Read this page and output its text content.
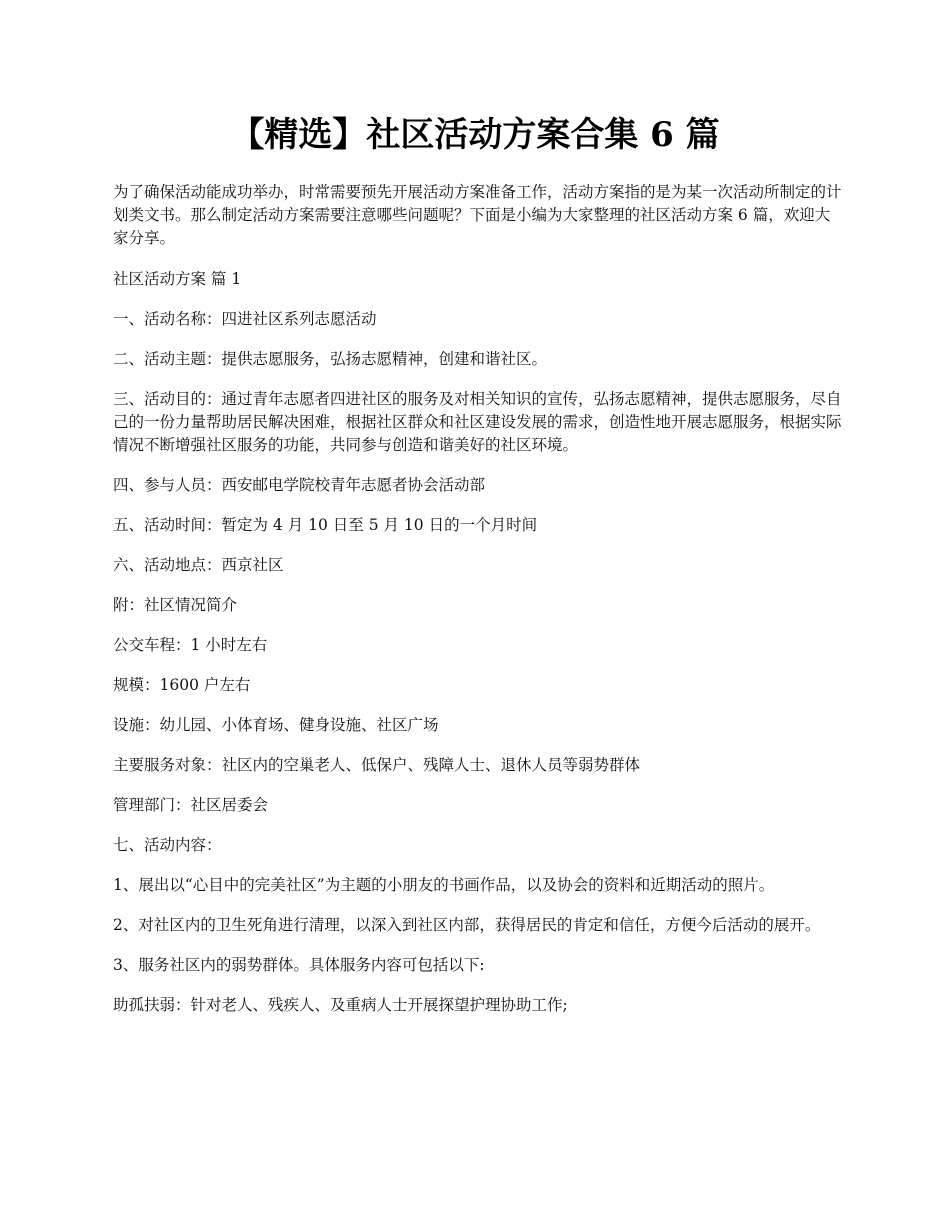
【精选】社区活动方案合集 6 篇

为了确保活动能成功举办，时常需要预先开展活动方案准备工作，活动方案指的是为某一次活动所制定的计划类文书。那么制定活动方案需要注意哪些问题呢？下面是小编为大家整理的社区活动方案 6 篇，欢迎大家分享。

社区活动方案 篇 1

一、活动名称：四进社区系列志愿活动

二、活动主题：提供志愿服务，弘扬志愿精神，创建和谐社区。

三、活动目的：通过青年志愿者四进社区的服务及对相关知识的宣传，弘扬志愿精神，提供志愿服务，尽自己的一份力量帮助居民解决困难，根据社区群众和社区建设发展的需求，创造性地开展志愿服务，根据实际情况不断增强社区服务的功能，共同参与创造和谐美好的社区环境。

四、参与人员：西安邮电学院校青年志愿者协会活动部

五、活动时间：暂定为 4 月 10 日至 5 月 10 日的一个月时间

六、活动地点：西京社区

附：社区情况简介

公交车程：1 小时左右

规模：1600 户左右

设施：幼儿园、小体育场、健身设施、社区广场

主要服务对象：社区内的空巢老人、低保户、残障人士、退休人员等弱势群体

管理部门：社区居委会

七、活动内容：

1、展出以“心目中的完美社区”为主题的小朋友的书画作品，以及协会的资料和近期活动的照片。

2、对社区内的卫生死角进行清理，以深入到社区内部，获得居民的肯定和信任，方便今后活动的展开。

3、服务社区内的弱势群体。具体服务内容可包括以下:

助孤扶弱：针对老人、残疾人、及重病人士开展探望护理协助工作;
